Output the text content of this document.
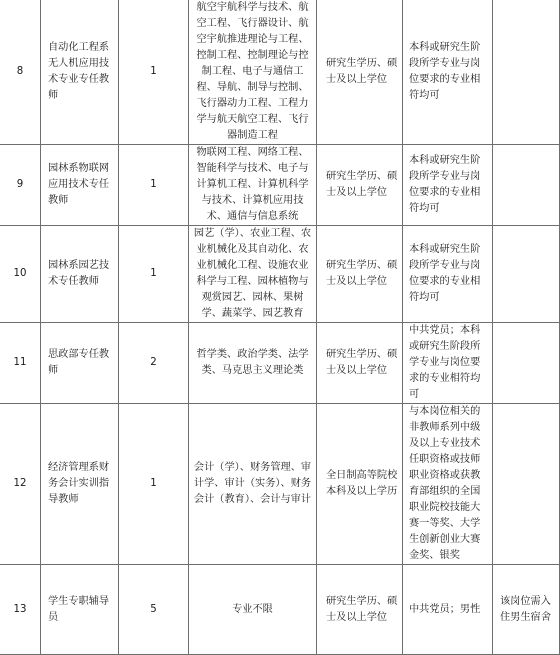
8	自动化工程系 无人机应用技术专业专任教师	1	航空宇航科学与技术、航空工程、飞行器设计、航空宇航推进理论与工程、控制工程、控制理论与控制工程、电子与通信工程、导航、制导与控制、飞行器动力工程、工程力学与航天航空工程、飞行器制造工程	研究生学历、硕士及以上学位	本科或研究生阶段所学专业与岗位要求的专业相符均可	

9	园林系物联网应用技术专任教师	1	物联网工程、网络工程、智能科学与技术、电子与计算机工程、计算机科学与技术、计算机应用技术、通信与信息系统	研究生学历、硕士及以上学位	本科或研究生阶段所学专业与岗位要求的专业相符均可	

10	园林系园艺技术专任教师	1	园艺（学）、农业工程、农业机械化及其自动化、农业机械化工程、设施农业科学与工程、园林植物与观赏园艺、园林、果树学、蔬菜学、园艺教育	研究生学历、硕士及以上学位	本科或研究生阶段所学专业与岗位要求的专业相符均可	

11	思政部专任教师	2	哲学类、政治学类、法学类、马克思主义理论类	研究生学历、硕士及以上学位	中共党员；本科或研究生阶段所学专业与岗位要求的专业相符均可	

12	经济管理系财务会计实训指导教师	1	会计（学）、财务管理、审计学、审计（实务）、财务会计（教育）、会计与审计	全日制高等院校本科及以上学历	与本岗位相关的非教师系列中级及以上专业技术任职资格或技师职业资格或获教育部组织的全国职业院校技能大赛一等奖、大学生创新创业大赛金奖、银奖	

13	学生专职辅导员	5	专业不限	研究生学历、硕士及以上学位	中共党员；男性	该岗位需入住男生宿舍
